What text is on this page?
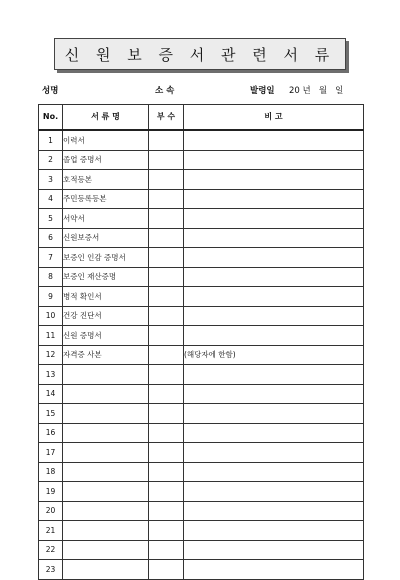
신 원 보 증 서 관 련 서 류
성명	소 속	발령일 20 년   월   일
No.	서 류 명	부 수	비 고
1	이력서		
2	졸업 증명서		
3	호적등본		
4	주민등록등본		
5	서약서		
6	신원보증서		
7	보증인 인감 증명서		
8	보증인 재산증명		
9	병적 확인서		
10	건강 진단서		
11	신원 증명서		
12	자격증 사본		(해당자에 한함)
13			
14			
15			
16			
17			
18			
19			
20			
21			
22			
23			
